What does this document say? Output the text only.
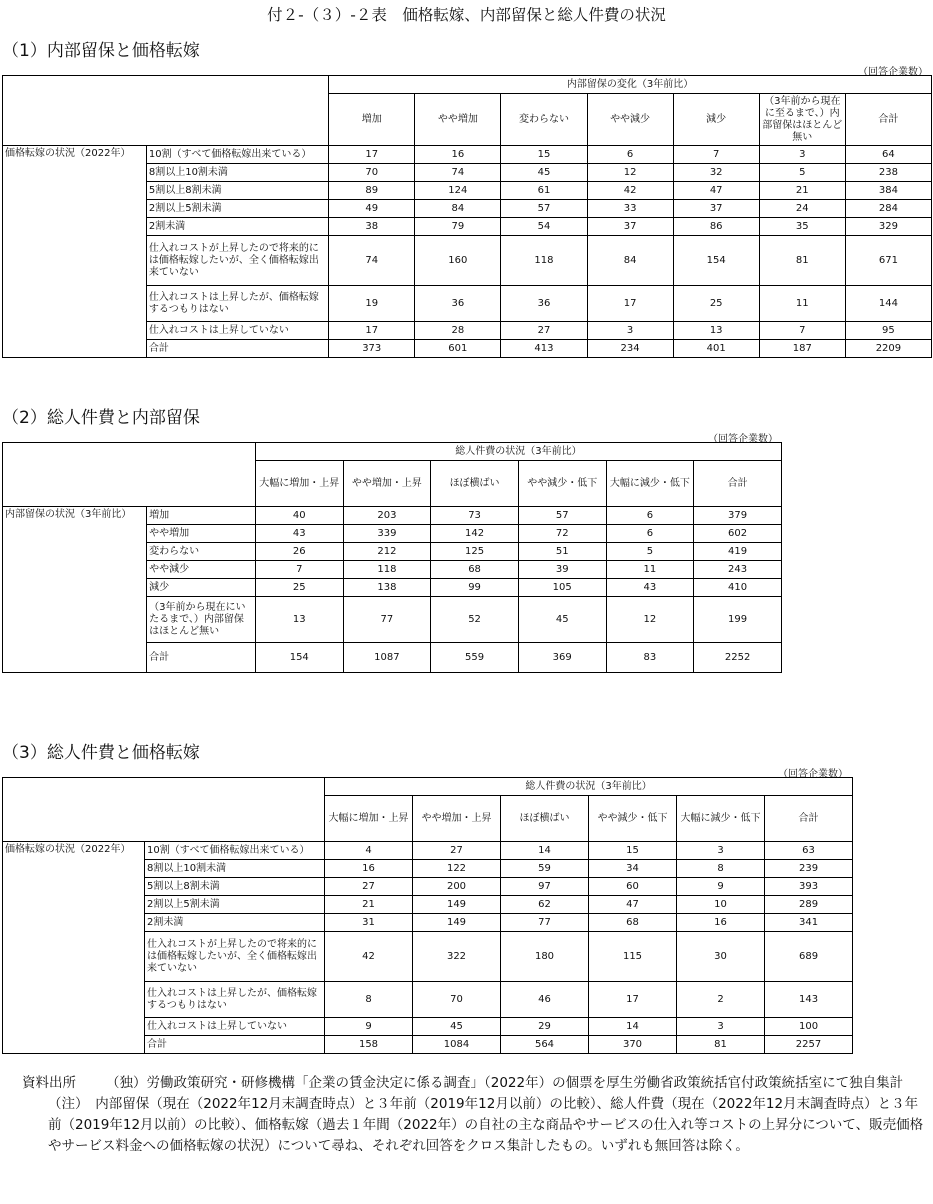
付２-（３）-２表　価格転嫁、内部留保と総人件費の状況
（1）内部留保と価格転嫁
（回答企業数）
		内部留保の変化（3年前比）						
		増加	やや増加	変わらない	やや減少	減少	（3年前から現在に至るまで、）内部留保はほとんど無い	合計
価格転嫁の状況（2022年）	10割（すべて価格転嫁出来ている）	17	16	15	6	7	3	64
	8割以上10割未満	70	74	45	12	32	5	238
	5割以上8割未満	89	124	61	42	47	21	384
	2割以上5割未満	49	84	57	33	37	24	284
	2割未満	38	79	54	37	86	35	329
	仕入れコストが上昇したので将来的には価格転嫁したいが、全く価格転嫁出来ていない	74	160	118	84	154	81	671
	仕入れコストは上昇したが、価格転嫁するつもりはない	19	36	36	17	25	11	144
	仕入れコストは上昇していない	17	28	27	3	13	7	95
	合計	373	601	413	234	401	187	2209
（2）総人件費と内部留保
（回答企業数）
		総人件費の状況（3年前比）					
		大幅に増加・上昇	やや増加・上昇	ほぼ横ばい	やや減少・低下	大幅に減少・低下	合計
内部留保の状況（3年前比）	増加	40	203	73	57	6	379
	やや増加	43	339	142	72	6	602
	変わらない	26	212	125	51	5	419
	やや減少	7	118	68	39	11	243
	減少	25	138	99	105	43	410
	（3年前から現在にいたるまで、）内部留保はほとんど無い	13	77	52	45	12	199
	合計	154	1087	559	369	83	2252
（3）総人件費と価格転嫁
（回答企業数）
		総人件費の状況（3年前比）					
		大幅に増加・上昇	やや増加・上昇	ほぼ横ばい	やや減少・低下	大幅に減少・低下	合計
価格転嫁の状況（2022年）	10割（すべて価格転嫁出来ている）	4	27	14	15	3	63
	8割以上10割未満	16	122	59	34	8	239
	5割以上8割未満	27	200	97	60	9	393
	2割以上5割未満	21	149	62	47	10	289
	2割未満	31	149	77	68	16	341
	仕入れコストが上昇したので将来的には価格転嫁したいが、全く価格転嫁出来ていない	42	322	180	115	30	689
	仕入れコストは上昇したが、価格転嫁するつもりはない	8	70	46	17	2	143
	仕入れコストは上昇していない	9	45	29	14	3	100
	合計	158	1084	564	370	81	2257
資料出所 （独）労働政策研究・研修機構「企業の賃金決定に係る調査」（2022年）の個票を厚生労働省政策統括官付政策統括室にて独自集計
（注）　 内部留保（現在（2022年12月末調査時点）と３年前（2019年12月以前）の比較）、総人件費（現在（2022年12月末調査時点）と３年前（2019年12月以前）の比較）、価格転嫁（過去１年間（2022年）の自社の主な商品やサービスの仕入れ等コストの上昇分について、販売価格やサービス料金への価格転嫁の状況）について尋ね、それぞれ回答をクロス集計したもの。いずれも無回答は除く。
